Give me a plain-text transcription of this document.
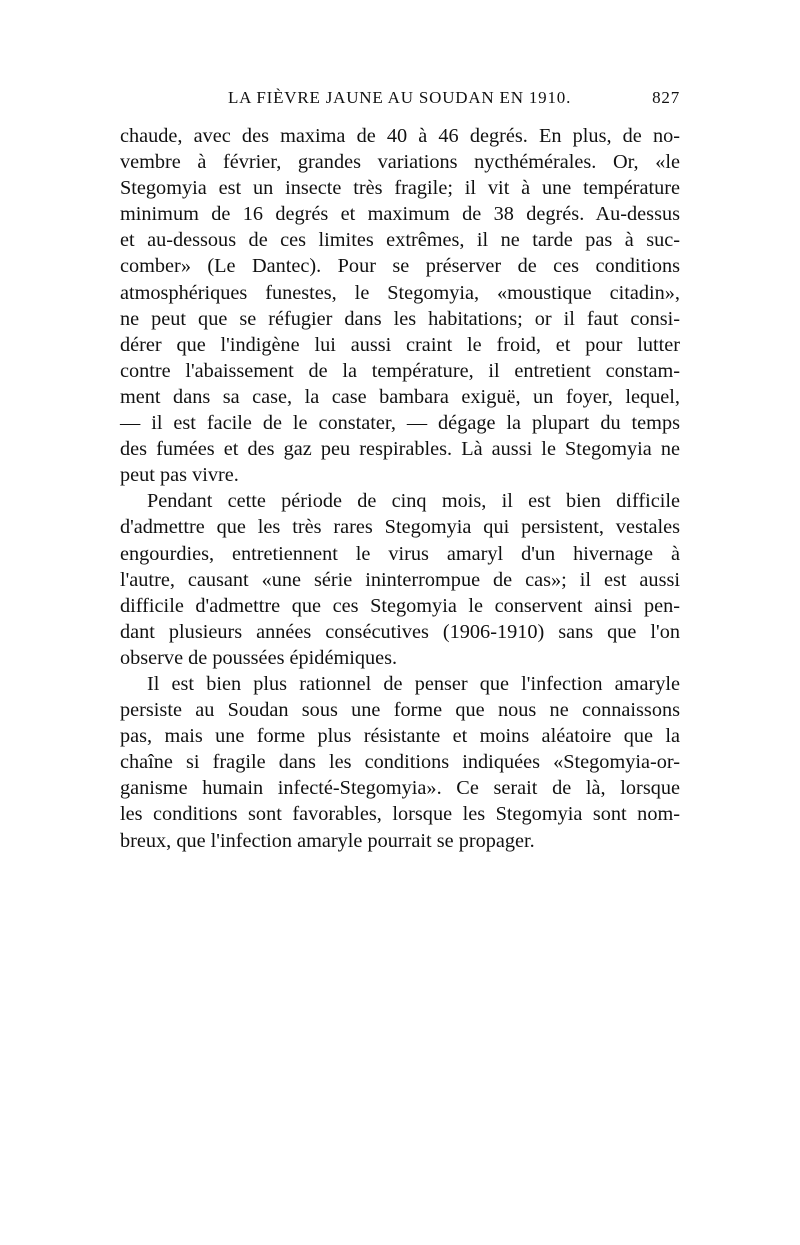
LA FIÈVRE JAUNE AU SOUDAN EN 1910.	827
chaude, avec des maxima de 40 à 46 degrés. En plus, de no-
vembre à février, grandes variations nycthémérales. Or, «le
Stegomyia est un insecte très fragile; il vit à une température
minimum de 16 degrés et maximum de 38 degrés. Au-dessus
et au-dessous de ces limites extrêmes, il ne tarde pas à suc-
comber» (Le Dantec). Pour se préserver de ces conditions
atmosphériques funestes, le Stegomyia, «moustique citadin»,
ne peut que se réfugier dans les habitations; or il faut consi-
dérer que l'indigène lui aussi craint le froid, et pour lutter
contre l'abaissement de la température, il entretient constam-
ment dans sa case, la case bambara exiguë, un foyer, lequel,
— il est facile de le constater, — dégage la plupart du temps
des fumées et des gaz peu respirables. Là aussi le Stegomyia ne
peut pas vivre.
Pendant cette période de cinq mois, il est bien difficile
d'admettre que les très rares Stegomyia qui persistent, vestales
engourdies, entretiennent le virus amaryl d'un hivernage à
l'autre, causant «une série ininterrompue de cas»; il est aussi
difficile d'admettre que ces Stegomyia le conservent ainsi pen-
dant plusieurs années consécutives (1906-1910) sans que l'on
observe de poussées épidémiques.
Il est bien plus rationnel de penser que l'infection amaryle
persiste au Soudan sous une forme que nous ne connaissons
pas, mais une forme plus résistante et moins aléatoire que la
chaîne si fragile dans les conditions indiquées «Stegomyia-or-
ganisme humain infecté-Stegomyia». Ce serait de là, lorsque
les conditions sont favorables, lorsque les Stegomyia sont nom-
breux, que l'infection amaryle pourrait se propager.
